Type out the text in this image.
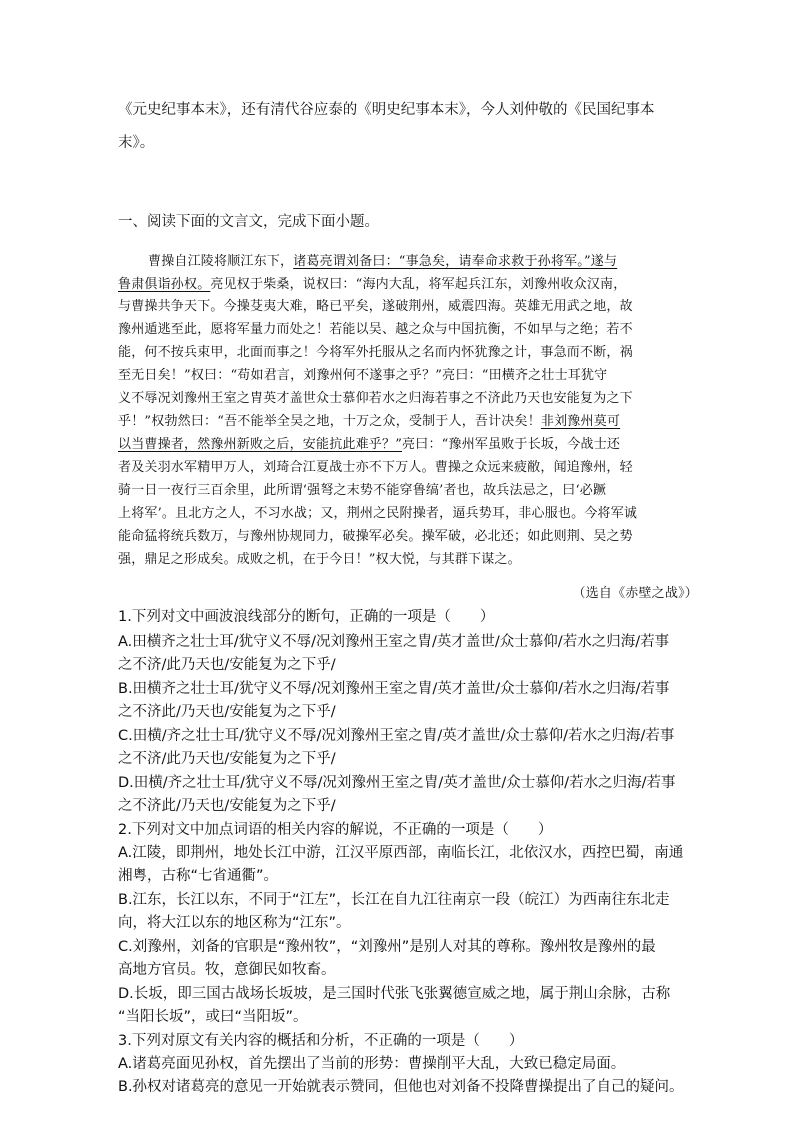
《元史纪事本末》，还有清代谷应泰的《明史纪事本末》，今人刘仲敬的《民国纪事本
末》。
一、阅读下面的文言文，完成下面小题。
曹操自江陵将顺江东下，诸葛亮谓刘备曰：“事急矣，请奉命求救于孙将军。”遂与
鲁肃俱诣孙权。亮见权于柴桑，说权曰：“海内大乱，将军起兵江东，刘豫州收众汉南，
与曹操共争天下。今操芟夷大难，略已平矣，遂破荆州，威震四海。英雄无用武之地，故
豫州遁逃至此，愿将军量力而处之！若能以吴、越之众与中国抗衡，不如早与之绝；若不
能，何不按兵束甲，北面而事之！今将军外托服从之名而内怀犹豫之计，事急而不断，祸
至无日矣！”权曰：“苟如君言，刘豫州何不遂事之乎？”亮曰：“田横齐之壮士耳犹守
义不辱况刘豫州王室之胄英才盖世众士慕仰若水之归海若事之不济此乃天也安能复为之下
乎！”权勃然曰：“吾不能举全吴之地，十万之众，受制于人，吾计决矣！非刘豫州莫可
以当曹操者，然豫州新败之后，安能抗此难乎？”亮曰：“豫州军虽败于长坂，今战士还
者及关羽水军精甲万人，刘琦合江夏战士亦不下万人。曹操之众远来疲敝，闻追豫州，轻
骑一日一夜行三百余里，此所谓‘强弩之末势不能穿鲁缟’者也，故兵法忌之，曰‘必蹶
上将军’。且北方之人，不习水战；又，荆州之民附操者，逼兵势耳，非心服也。今将军诚
能命猛将统兵数万，与豫州协规同力，破操军必矣。操军破，必北还；如此则荆、吴之势
强，鼎足之形成矣。成败之机，在于今日！”权大悦，与其群下谋之。
（选自《赤壁之战》）
1.下列对文中画波浪线部分的断句，正确的一项是（　　）
A.田横齐之壮士耳/犹守义不辱/况刘豫州王室之胄/英才盖世/众士慕仰/若水之归海/若事
之不济/此乃天也/安能复为之下乎/
B.田横齐之壮士耳/犹守义不辱/况刘豫州王室之胄/英才盖世/众士慕仰/若水之归海/若事
之不济此/乃天也/安能复为之下乎/
C.田横/齐之壮士耳/犹守义不辱/况刘豫州王室之胄/英才盖世/众士慕仰/若水之归海/若事
之不济/此乃天也/安能复为之下乎/
D.田横/齐之壮士耳/犹守义不辱/况刘豫州王室之胄/英才盖世/众士慕仰/若水之归海/若事
之不济此/乃天也/安能复为之下乎/
2.下列对文中加点词语的相关内容的解说，不正确的一项是（　　）
A.江陵，即荆州，地处长江中游，江汉平原西部，南临长江，北依汉水，西控巴蜀，南通
湘粤，古称“七省通衢”。
B.江东，长江以东，不同于“江左”，长江在自九江往南京一段（皖江）为西南往东北走
向，将大江以东的地区称为“江东”。
C.刘豫州，刘备的官职是“豫州牧”，“刘豫州”是别人对其的尊称。豫州牧是豫州的最
高地方官员。牧，意御民如牧畜。
D.长坂，即三国古战场长坂坡，是三国时代张飞张翼德宣威之地，属于荆山余脉，古称
“当阳长坂”，或曰“当阳坂”。
3.下列对原文有关内容的概括和分析，不正确的一项是（　　）
A.诸葛亮面见孙权，首先摆出了当前的形势：曹操削平大乱，大致已稳定局面。
B.孙权对诸葛亮的意见一开始就表示赞同，但他也对刘备不投降曹操提出了自己的疑问。
